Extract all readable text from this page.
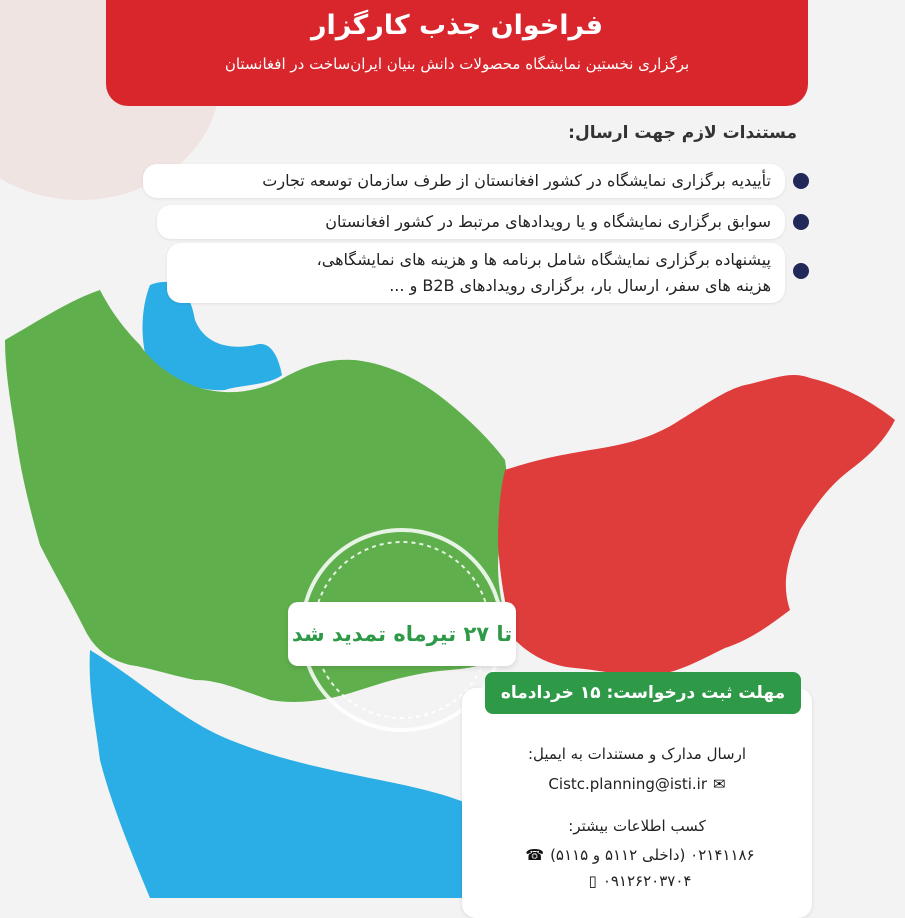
فراخوان جذب کارگزار
برگزاری نخستین نمایشگاه محصولات دانش بنیان ایران‌ساخت در افغانستان
مستندات لازم جهت ارسال:
تأییدیه برگزاری نمایشگاه در کشور افغانستان از طرف سازمان توسعه تجارت
سوابق برگزاری نمایشگاه و یا رویدادهای مرتبط در کشور افغانستان
پیشنهاده برگزاری نمایشگاه شامل برنامه ها و هزینه های نمایشگاهی،
هزینه های سفر، ارسال بار، برگزاری رویدادهای B2B و ...
تا ۲۷ تیرماه تمدید شد
مهلت ثبت درخواست: ۱۵ خردادماه
ارسال مدارک و مستندات به ایمیل:
✉Cistc.planning@isti.ir
کسب اطلاعات بیشتر:
۰۲۱۴۱۱۸۶ (داخلی ۵۱۱۲ و ۵۱۱۵)☎
۰۹۱۲۶۲۰۳۷۰۴▯
